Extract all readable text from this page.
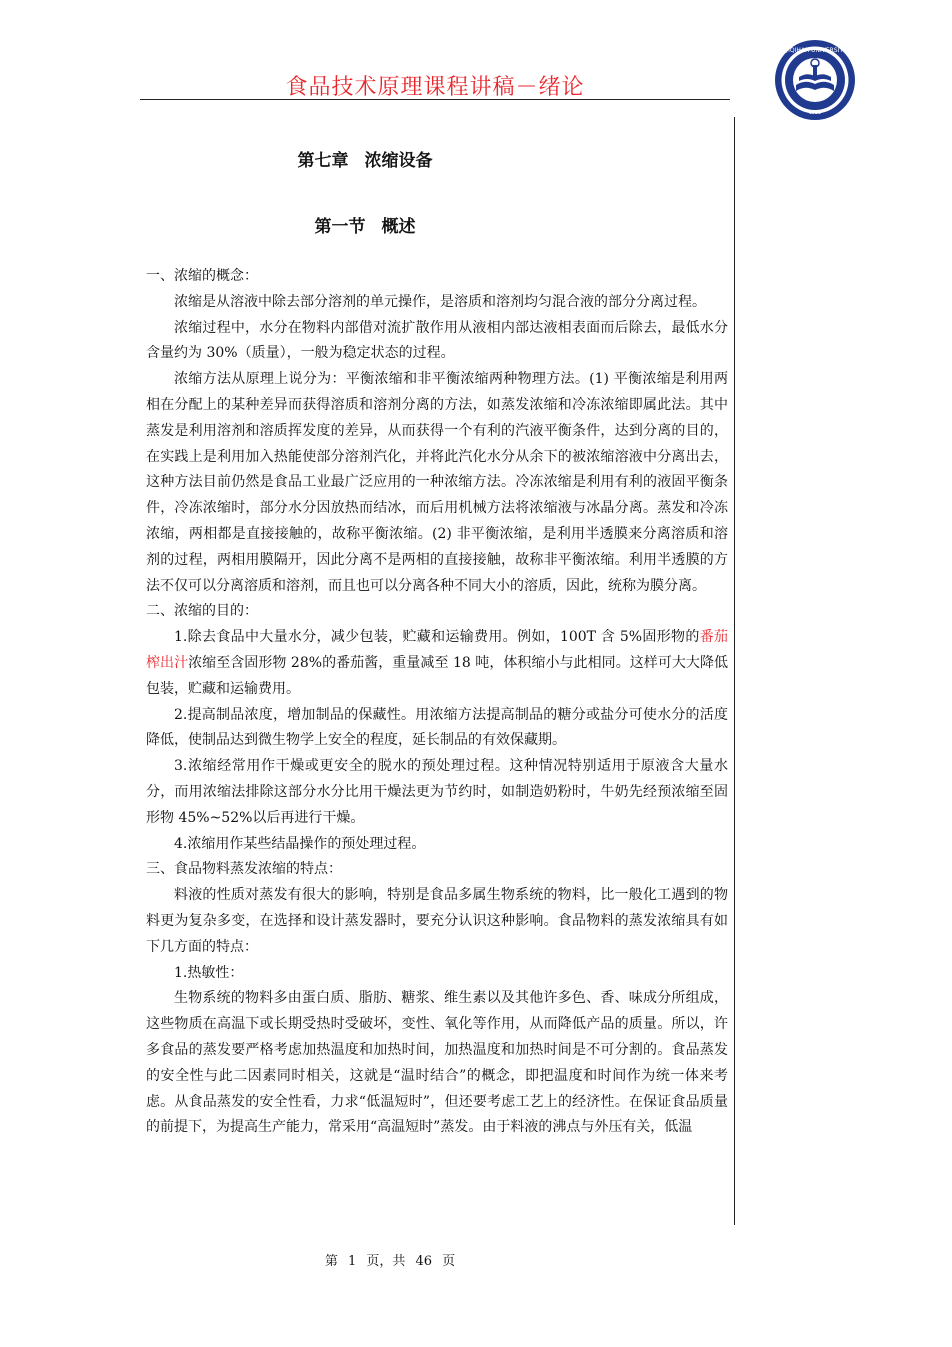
食品技术原理课程讲稿－绪论
QIQIHAR UNIVERSITY
1952
第七章 浓缩设备
第一节 概述

一、浓缩的概念：

浓缩是从溶液中除去部分溶剂的单元操作，是溶质和溶剂均匀混合液的部分分离过程。

浓缩过程中，水分在物料内部借对流扩散作用从液相内部达液相表面而后除去，最低水分含量约为 30%（质量），一般为稳定状态的过程。

浓缩方法从原理上说分为：平衡浓缩和非平衡浓缩两种物理方法。(1) 平衡浓缩是利用两相在分配上的某种差异而获得溶质和溶剂分离的方法，如蒸发浓缩和冷冻浓缩即属此法。其中蒸发是利用溶剂和溶质挥发度的差异，从而获得一个有利的汽液平衡条件，达到分离的目的，在实践上是利用加入热能使部分溶剂汽化，并将此汽化水分从余下的被浓缩溶液中分离出去，这种方法目前仍然是食品工业最广泛应用的一种浓缩方法。冷冻浓缩是利用有利的液固平衡条件，冷冻浓缩时，部分水分因放热而结冰，而后用机械方法将浓缩液与冰晶分离。蒸发和冷冻浓缩，两相都是直接接触的，故称平衡浓缩。(2) 非平衡浓缩，是利用半透膜来分离溶质和溶剂的过程，两相用膜隔开，因此分离不是两相的直接接触，故称非平衡浓缩。利用半透膜的方法不仅可以分离溶质和溶剂，而且也可以分离各种不同大小的溶质，因此，统称为膜分离。

二、浓缩的目的：

1.除去食品中大量水分，减少包装，贮藏和运输费用。例如，100T 含 5%固形物的番茄榨出汁浓缩至含固形物 28%的番茄酱，重量减至 18 吨，体积缩小与此相同。这样可大大降低包装，贮藏和运输费用。

2.提高制品浓度，增加制品的保藏性。用浓缩方法提高制品的糖分或盐分可使水分的活度降低，使制品达到微生物学上安全的程度，延长制品的有效保藏期。

3.浓缩经常用作干燥或更安全的脱水的预处理过程。这种情况特别适用于原液含大量水分，而用浓缩法排除这部分水分比用干燥法更为节约时，如制造奶粉时，牛奶先经预浓缩至固形物 45%~52%以后再进行干燥。

4.浓缩用作某些结晶操作的预处理过程。

三、食品物料蒸发浓缩的特点：

料液的性质对蒸发有很大的影响，特别是食品多属生物系统的物料，比一般化工遇到的物料更为复杂多变，在选择和设计蒸发器时，要充分认识这种影响。食品物料的蒸发浓缩具有如下几方面的特点：

1.热敏性：

生物系统的物料多由蛋白质、脂肪、糖浆、维生素以及其他许多色、香、味成分所组成，这些物质在高温下或长期受热时受破坏，变性、氧化等作用，从而降低产品的质量。所以，许多食品的蒸发要严格考虑加热温度和加热时间，加热温度和加热时间是不可分割的。食品蒸发的安全性与此二因素同时相关，这就是“温时结合”的概念，即把温度和时间作为统一体来考虑。从食品蒸发的安全性看，力求“低温短时”，但还要考虑工艺上的经济性。在保证食品质量的前提下，为提高生产能力，常采用“高温短时”蒸发。由于料液的沸点与外压有关，低温

第 1 页，共 46 页
